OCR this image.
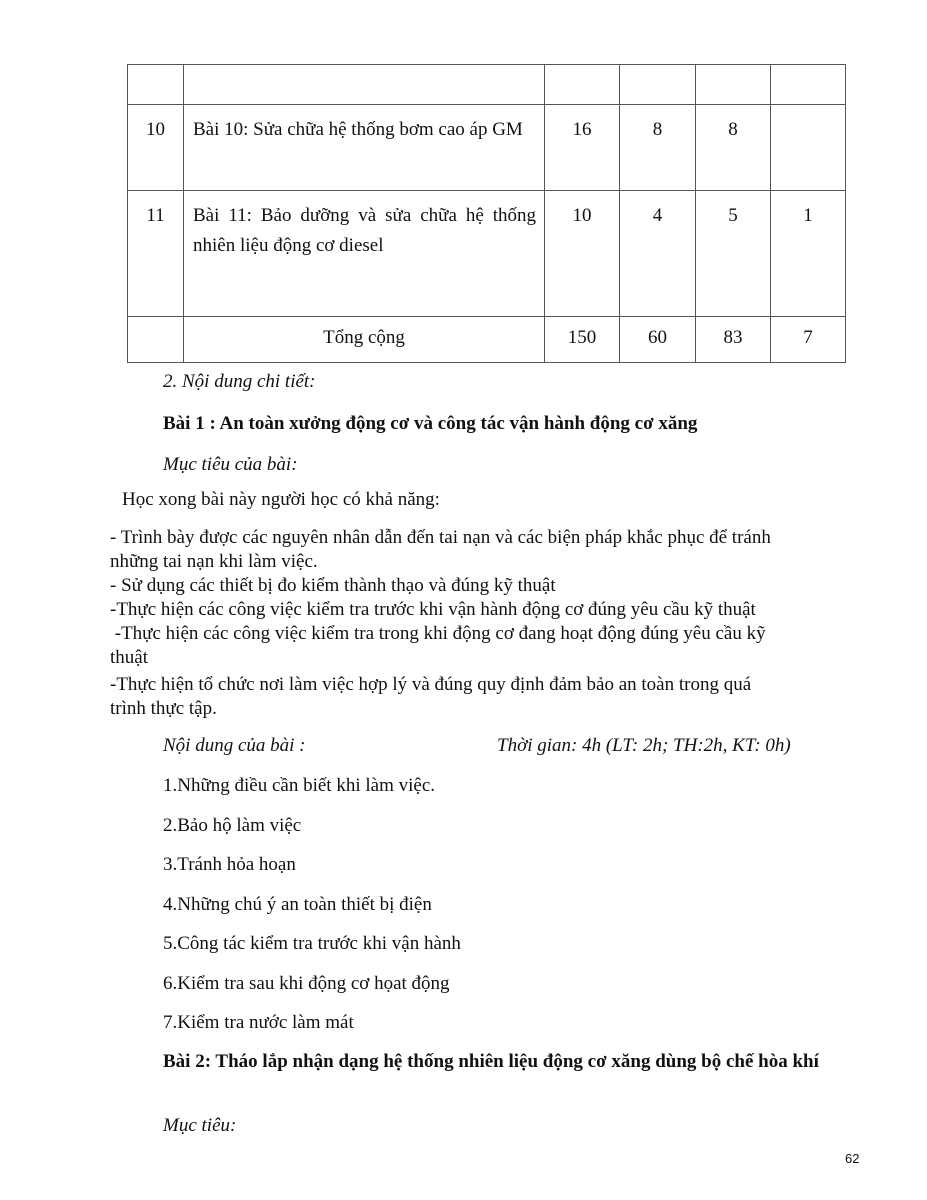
10	Bài 10: Sửa chữa hệ thống bơm cao áp GM	16	8	8	
11	Bài 11: Bảo dưỡng và sửa chữa hệ thống nhiên liệu động cơ diesel	10	4	5	1
	Tổng cộng	150	60	83	7
2. Nội dung chi tiết:
Bài 1 : An toàn xưởng động cơ và công tác vận hành động cơ xăng
Mục tiêu của bài:
Học xong bài này người học có khả năng:
- Trình bày được các nguyên nhân dẫn đến tai nạn và các biện pháp khắc phục để tránh
những tai nạn khi làm việc.
- Sử dụng các thiết bị đo kiểm thành thạo và đúng kỹ thuật
-Thực hiện các công việc kiểm tra trước khi vận hành động cơ đúng yêu cầu kỹ thuật
-Thực hiện các công việc kiểm tra trong khi động cơ đang hoạt động đúng yêu cầu kỹ
thuật
-Thực hiện tổ chức nơi làm việc hợp lý và đúng quy định đảm bảo an toàn trong quá
trình thực tập.
Nội dung của bài :	Thời gian: 4h (LT: 2h; TH:2h, KT: 0h)
1.Những điều cần biết khi làm việc.
2.Bảo hộ làm việc
3.Tránh hỏa hoạn
4.Những chú ý an toàn thiết bị điện
5.Công tác kiểm tra trước khi vận hành
6.Kiểm tra sau khi động cơ họat động
7.Kiểm tra nước làm mát
Bài 2: Tháo lắp nhận dạng hệ thống nhiên liệu động cơ xăng dùng bộ chế hòa khí
Mục tiêu:
62
